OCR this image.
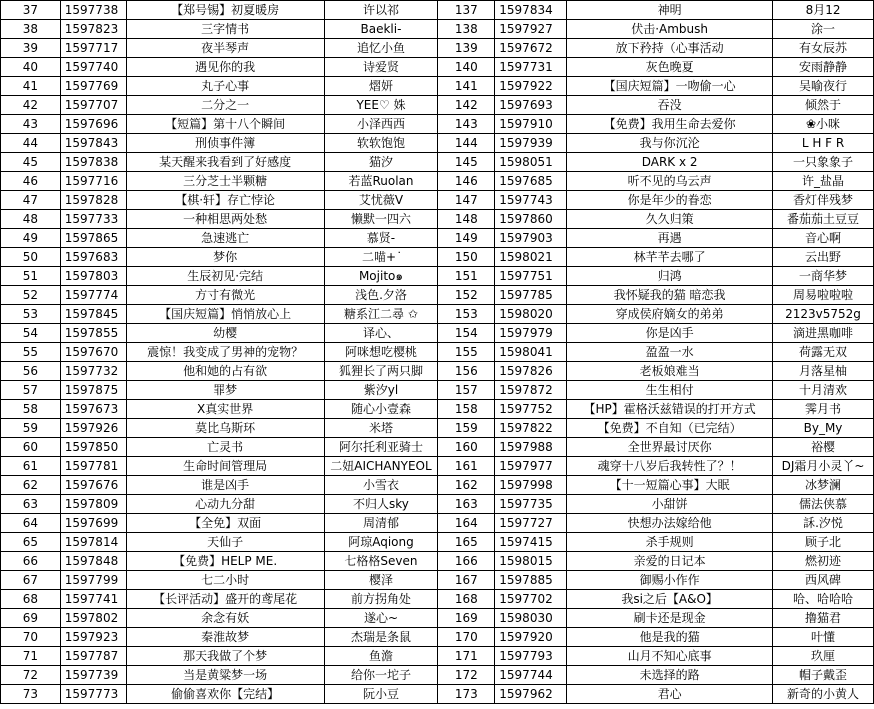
37	1597738	【郑号锡】初夏暖房	许以祁	137	1597834	神明	8月12
38	1597823	三字情书	Baekli-	138	1597927	伏击·Ambush	涂一
39	1597717	夜半琴声	追忆小鱼	139	1597672	放下矜持（心事活动	有女辰苏
40	1597740	遇见你的我	诗爱贤	140	1597731	灰色晚夏	安雨静静
41	1597769	丸子心事	熠妍	141	1597922	【国庆短篇】一吻偷一心	吴喻夜行
42	1597707	二分之一	YEE♡ 姝	142	1597693	吞没	倾然于
43	1597696	【短篇】第十八个瞬间	小泽西西	143	1597910	【免费】我用生命去爱你	❀小咪
44	1597843	刑侦事件簿	软软饱饱	144	1597939	我与你沉沦	L H F R
45	1597838	某天醒来我看到了好感度	猫汐	145	1598051	DARK x 2	一只象象子
46	1597716	三分芝士半颗糖	若蓝Ruolan	146	1597685	听不见的乌云声	许_盐晶
47	1597828	【棋·轩】存亡悖论	艾忧薇V	147	1597743	你是年少的眷恋	香灯伴残梦
48	1597733	一种相思两处愁	懒默一四六	148	1597860	久久归策	番茄茄土豆豆
49	1597865	急速逃亡	慕贤-	149	1597903	再遇	音心啊
50	1597683	梦你	二喵+ ͘	150	1598021	林芊芊去哪了	云出野
51	1597803	生辰初见·完结	Mojito๑	151	1597751	归鸿	一商华梦
52	1597774	方寸有微光	浅色.夕洛	152	1597785	我怀疑我的猫 暗恋我	周易啦啦啦
53	1597845	【国庆短篇】悄悄放心上	糖系江二尋 ✩	153	1598020	穿成侯府嫡女的弟弟	2123v5752g
54	1597855	幼樱	译心、	154	1597979	你是凶手	滴进黑咖啡
55	1597670	震惊！我变成了男神的宠物？	阿咪想吃樱桃	155	1598041	盈盈一水	荷露无双
56	1597732	他和她的占有欲	狐狸长了两只脚	156	1597826	老板娘难当	月落星柚
57	1597875	罪梦	紫汐yl	157	1597872	生生相付	十月清欢
58	1597673	X真实世界	随心小壹森	158	1597752	【HP】霍格沃兹错误的打开方式	霁月书
59	1597926	莫比乌斯环	米塔	159	1597822	【免费】不自知（已完结）	By_My
60	1597850	亡灵书	阿尔托利亚骑士	160	1597988	全世界最讨厌你	裕樱
61	1597781	生命时间管理局	二妞AICHANYEOL	161	1597977	魂穿十八岁后我转性了？！	DJ霜月小灵丫~
62	1597676	谁是凶手	小雪衣	162	1597998	【十一短篇心事】大眠	冰梦澜
63	1597809	心动九分甜	不归人sky	163	1597735	小甜饼	儒法侠慕
64	1597699	【全免】双面	周清郁	164	1597727	快想办法嫁给他	訸.汐悦
65	1597814	天仙子	阿琼Aqiong	165	1597415	杀手规则	顾子北
66	1597848	【免费】HELP ME.	七格格Seven	166	1598015	亲爱的日记本	燃初迹
67	1597799	七二小时	樱泽	167	1597885	御赐小作作	西风碑
68	1597741	【长评活动】盛开的鸢尾花	前方拐角处	168	1597702	我si之后【A&O】	哈、哈哈哈
69	1597802	余念有妖	遂心~	169	1598030	刷卡还是现金	撸猫君
70	1597923	秦淮故梦	杰瑞是条鼠	170	1597920	他是我的猫	叶懂
71	1597787	那天我做了个梦	鱼澹	171	1597793	山月不知心底事	玖厘
72	1597739	当是黄粱梦一场	给你一坨子	172	1597744	未选择的路	帽子戴歪
73	1597773	偷偷喜欢你【完结】	阮小豆	173	1597962	君心	新奇的小黄人
